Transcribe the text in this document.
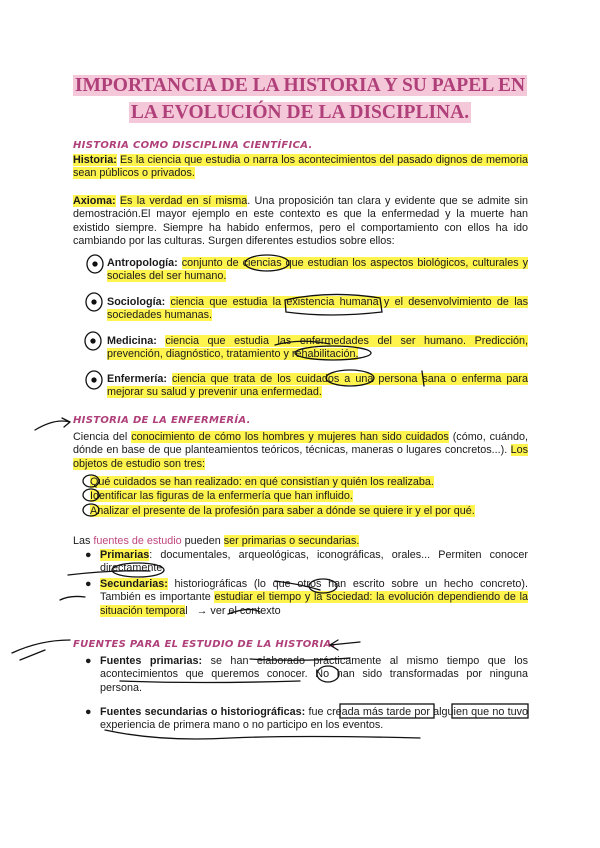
IMPORTANCIA DE LA HISTORIA Y SU PAPEL EN LA EVOLUCIÓN DE LA DISCIPLINA.
HISTORIA COMO DISCIPLINA CIENTÍFICA.
Historia: Es la ciencia que estudia o narra los acontecimientos del pasado dignos de memoria sean públicos o privados.
Axioma: Es la verdad en sí misma. Una proposición tan clara y evidente que se admite sin demostración.El mayor ejemplo en este contexto es que la enfermedad y la muerte han existido siempre. Siempre ha habido enfermos, pero el comportamiento con ellos ha ido cambiando por las culturas. Surgen diferentes estudios sobre ellos:
Antropología: conjunto de ciencias que estudian los aspectos biológicos, culturales y sociales del ser humano.
Sociología: ciencia que estudia la existencia humana y el desenvolvimiento de las sociedades humanas.
Medicina: ciencia que estudia las enfermedades del ser humano. Predicción, prevención, diagnóstico, tratamiento y rehabilitación.
Enfermería: ciencia que trata de los cuidados a una persona sana o enferma para mejorar su salud y prevenir una enfermedad.
HISTORIA DE LA ENFERMERÍA.
Ciencia del conocimiento de cómo los hombres y mujeres han sido cuidados (cómo, cuándo, dónde en base de que planteamientos teóricos, técnicas, maneras o lugares concretos...). Los objetos de estudio son tres:
Qué cuidados se han realizado: en qué consistían y quién los realizaba.
Identificar las figuras de la enfermería que han influido.
Analizar el presente de la profesión para saber a dónde se quiere ir y el por qué.
Las fuentes de estudio pueden ser primarias o secundarias.
● Primarias: documentales, arqueológicas, iconográficas, orales... Permiten conocer directamente.
● Secundarias: historiográficas (lo que otros han escrito sobre un hecho concreto). También es importante estudiar el tiempo y la sociedad: la evolución dependiendo de la situación temporal → ver el contexto
FUENTES PARA EL ESTUDIO DE LA HISTORIA.
● Fuentes primarias: se han elaborado prácticamente al mismo tiempo que los acontecimientos que queremos conocer. No han sido transformadas por ninguna persona.
● Fuentes secundarias o historiográficas: fue creada más tarde por alguien que no tuvo experiencia de primera mano o no participo en los eventos.
